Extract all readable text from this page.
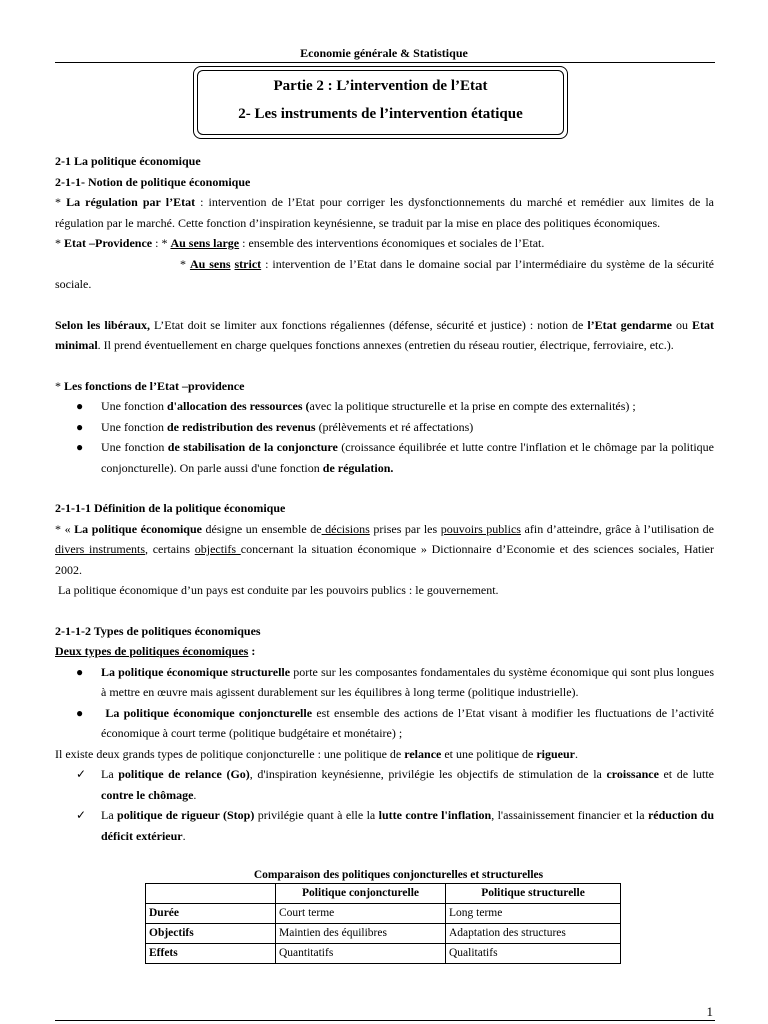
Economie générale & Statistique
Partie 2 : L’intervention de l’Etat
2- Les instruments de l’intervention étatique

2-1 La politique économique

2-1-1- Notion de politique économique

* La régulation par l’Etat : intervention de l’Etat pour corriger les dysfonctionnements du marché et remédier aux limites de la régulation par le marché. Cette fonction d’inspiration keynésienne, se traduit par la mise en place des politiques économiques.

* Etat –Providence : * Au sens large : ensemble des interventions économiques et sociales de l’Etat.

* Au sens strict : intervention de l’Etat dans le domaine social par l’intermédiaire du système de la sécurité sociale.

Selon les libéraux, L’Etat doit se limiter aux fonctions régaliennes (défense, sécurité et justice) : notion de l’Etat gendarme ou Etat minimal. Il prend éventuellement en charge quelques fonctions annexes (entretien du réseau routier, électrique, ferroviaire, etc.).

* Les fonctions de l’Etat –providence

● Une fonction d'allocation des ressources (avec la politique structurelle et la prise en compte des externalités) ;
● Une fonction de redistribution des revenus (prélèvements et ré affectations)
● Une fonction de stabilisation de la conjoncture (croissance équilibrée et lutte contre l'inflation et le chômage par la politique conjoncturelle). On parle aussi d'une fonction de régulation.

2-1-1-1 Définition de la politique économique

* « La politique économique désigne un ensemble de décisions prises par les pouvoirs publics afin d’atteindre, grâce à l’utilisation de divers instruments, certains objectifs concernant la situation économique » Dictionnaire d’Economie et des sciences sociales, Hatier 2002.

La politique économique d’un pays est conduite par les pouvoirs publics : le gouvernement.

2-1-1-2 Types de politiques économiques

Deux types de politiques économiques :

● La politique économique structurelle porte sur les composantes fondamentales du système économique qui sont plus longues à mettre en œuvre mais agissent durablement sur les équilibres à long terme (politique industrielle).
● La politique économique conjoncturelle est ensemble des actions de l’Etat visant à modifier les fluctuations de l’activité économique à court terme (politique budgétaire et monétaire) ;

Il existe deux grands types de politique conjoncturelle : une politique de relance et une politique de rigueur.

✓ La politique de relance (Go), d'inspiration keynésienne, privilégie les objectifs de stimulation de la croissance et de lutte contre le chômage.
✓ La politique de rigueur (Stop) privilégie quant à elle la lutte contre l'inflation, l'assainissement financier et la réduction du déficit extérieur.
Comparaison des politiques conjoncturelles et structurelles
	Politique conjoncturelle	Politique structurelle
Durée	Court terme	Long terme
Objectifs	Maintien des équilibres	Adaptation des structures
Effets	Quantitatifs	Qualitatifs
1
